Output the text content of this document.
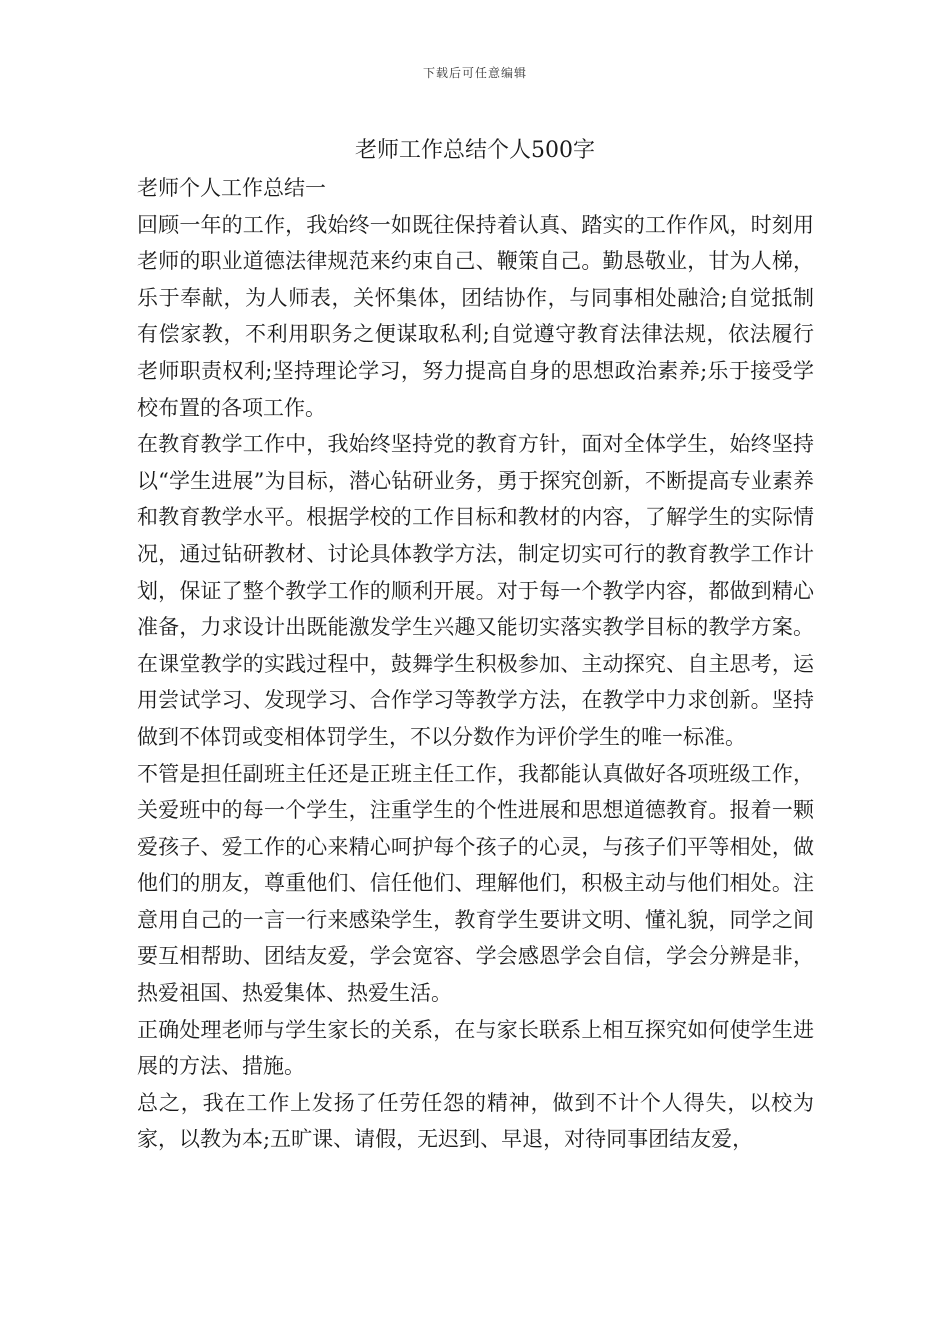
下载后可任意编辑
老师工作总结个人500字

老师个人工作总结一

回顾一年的工作，我始终一如既往保持着认真、踏实的工作作风，时刻用老师的职业道德法律规范来约束自己、鞭策自己。勤恳敬业，甘为人梯，乐于奉献，为人师表，关怀集体，团结协作，与同事相处融洽;自觉抵制有偿家教，不利用职务之便谋取私利;自觉遵守教育法律法规，依法履行老师职责权利;坚持理论学习，努力提高自身的思想政治素养;乐于接受学校布置的各项工作。

在教育教学工作中，我始终坚持党的教育方针，面对全体学生，始终坚持以“学生进展”为目标，潜心钻研业务，勇于探究创新，不断提高专业素养和教育教学水平。根据学校的工作目标和教材的内容，了解学生的实际情况，通过钻研教材、讨论具体教学方法，制定切实可行的教育教学工作计划，保证了整个教学工作的顺利开展。对于每一个教学内容，都做到精心准备，力求设计出既能激发学生兴趣又能切实落实教学目标的教学方案。在课堂教学的实践过程中，鼓舞学生积极参加、主动探究、自主思考，运用尝试学习、发现学习、合作学习等教学方法，在教学中力求创新。坚持做到不体罚或变相体罚学生，不以分数作为评价学生的唯一标准。

不管是担任副班主任还是正班主任工作，我都能认真做好各项班级工作，关爱班中的每一个学生，注重学生的个性进展和思想道德教育。报着一颗爱孩子、爱工作的心来精心呵护每个孩子的心灵，与孩子们平等相处，做他们的朋友，尊重他们、信任他们、理解他们，积极主动与他们相处。注意用自己的一言一行来感染学生，教育学生要讲文明、懂礼貌，同学之间要互相帮助、团结友爱，学会宽容、学会感恩学会自信，学会分辨是非，热爱祖国、热爱集体、热爱生活。

正确处理老师与学生家长的关系，在与家长联系上相互探究如何使学生进展的方法、措施。

总之，我在工作上发扬了任劳任怨的精神，做到不计个人得失，以校为家，以教为本;五旷课、请假，无迟到、早退，对待同事团结友爱，
